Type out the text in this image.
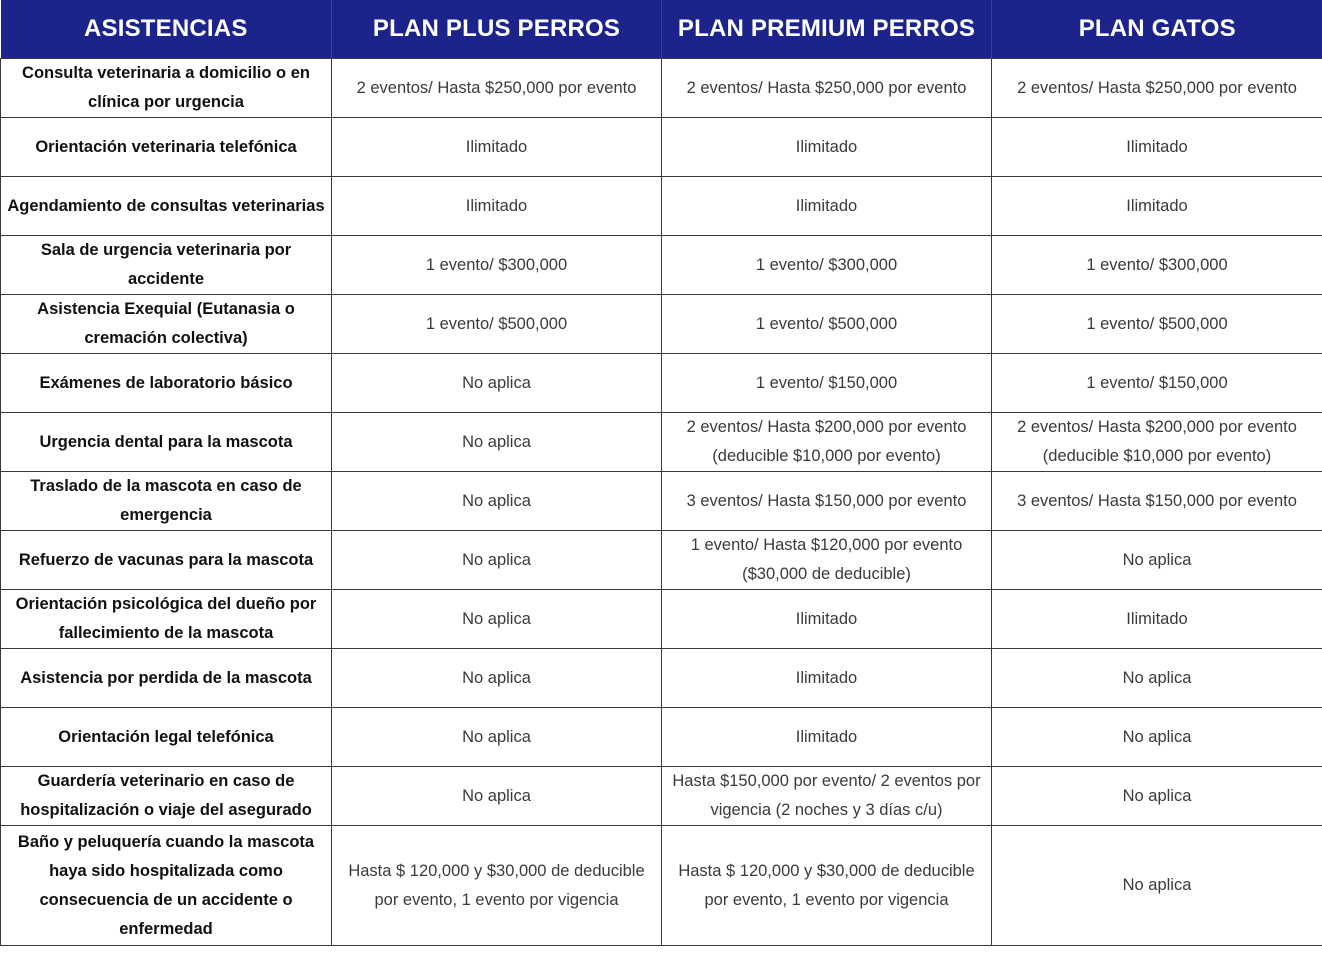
ASISTENCIAS	PLAN PLUS PERROS	PLAN PREMIUM PERROS	PLAN GATOS
Consulta veterinaria a domicilio o en clínica por urgencia	2 eventos/ Hasta $250,000 por evento	2 eventos/ Hasta $250,000 por evento	2 eventos/ Hasta $250,000 por evento
Orientación veterinaria telefónica	Ilimitado	Ilimitado	Ilimitado
Agendamiento de consultas veterinarias	Ilimitado	Ilimitado	Ilimitado
Sala de urgencia veterinaria por accidente	1 evento/ $300,000	1 evento/ $300,000	1 evento/ $300,000
Asistencia Exequial (Eutanasia o cremación colectiva)	1 evento/ $500,000	1 evento/ $500,000	1 evento/ $500,000
Exámenes de laboratorio básico	No aplica	1 evento/ $150,000	1 evento/ $150,000
Urgencia dental para la mascota	No aplica	2 eventos/ Hasta $200,000 por evento (deducible $10,000 por evento)	2 eventos/ Hasta $200,000 por evento (deducible $10,000 por evento)
Traslado de la mascota en caso de emergencia	No aplica	3 eventos/ Hasta $150,000 por evento	3 eventos/ Hasta $150,000 por evento
Refuerzo de vacunas para la mascota	No aplica	1 evento/ Hasta $120,000 por evento ($30,000 de deducible)	No aplica
Orientación psicológica del dueño por fallecimiento de la mascota	No aplica	Ilimitado	Ilimitado
Asistencia por perdida de la mascota	No aplica	Ilimitado	No aplica
Orientación legal telefónica	No aplica	Ilimitado	No aplica
Guardería veterinario en caso de hospitalización o viaje del asegurado	No aplica	Hasta $150,000 por evento/ 2 eventos por vigencia (2 noches y 3 días c/u)	No aplica
Baño y peluquería cuando la mascota haya sido hospitalizada como consecuencia de un accidente o enfermedad	Hasta $ 120,000 y $30,000 de deducible por evento, 1 evento por vigencia	Hasta $ 120,000 y $30,000 de deducible por evento, 1 evento por vigencia	No aplica
